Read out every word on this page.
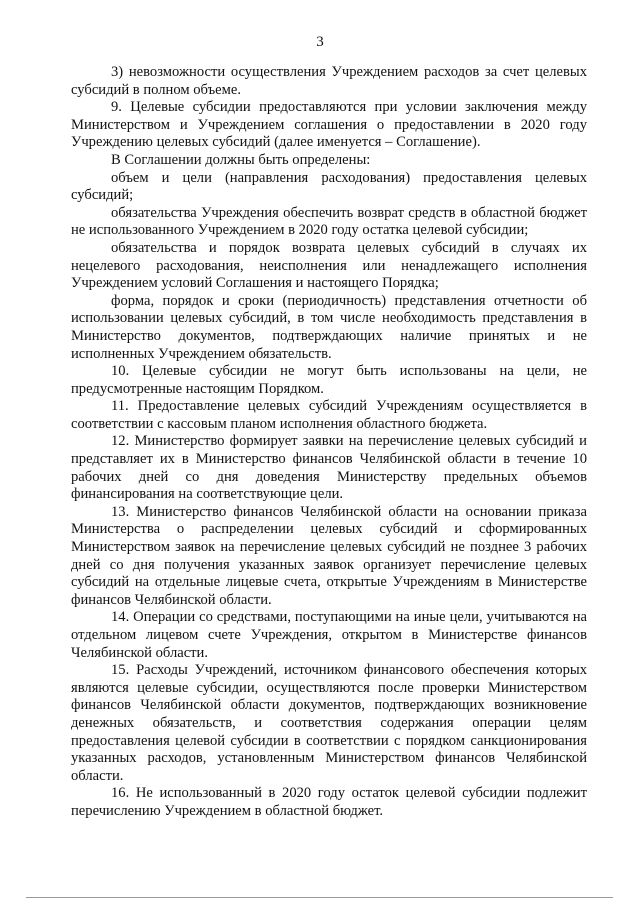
3

3) невозможности осуществления Учреждением расходов за счет целевых субсидий в полном объеме.

9. Целевые субсидии предоставляются при условии заключения между Министерством и Учреждением соглашения о предоставлении в 2020 году Учреждению целевых субсидий (далее именуется – Соглашение).

В Соглашении должны быть определены:

объем и цели (направления расходования) предоставления целевых субсидий;

обязательства Учреждения обеспечить возврат средств в областной бюджет не использованного Учреждением в 2020 году остатка целевой субсидии;

обязательства и порядок возврата целевых субсидий в случаях их нецелевого расходования, неисполнения или ненадлежащего исполнения Учреждением условий Соглашения и настоящего Порядка;

форма, порядок и сроки (периодичность) представления отчетности об использовании целевых субсидий, в том числе необходимость представления в Министерство документов, подтверждающих наличие принятых и не исполненных Учреждением обязательств.

10. Целевые субсидии не могут быть использованы на цели, не предусмотренные настоящим Порядком.

11. Предоставление целевых субсидий Учреждениям осуществляется в соответствии с кассовым планом исполнения областного бюджета.

12. Министерство формирует заявки на перечисление целевых субсидий и представляет их в Министерство финансов Челябинской области в течение 10 рабочих дней со дня доведения Министерству предельных объемов финансирования на соответствующие цели.

13. Министерство финансов Челябинской области на основании приказа Министерства о распределении целевых субсидий и сформированных Министерством заявок на перечисление целевых субсидий не позднее 3 рабочих дней со дня получения указанных заявок организует перечисление целевых субсидий на отдельные лицевые счета, открытые Учреждениям в Министерстве финансов Челябинской области.

14. Операции со средствами, поступающими на иные цели, учитываются на отдельном лицевом счете Учреждения, открытом в Министерстве финансов Челябинской области.

15. Расходы Учреждений, источником финансового обеспечения которых являются целевые субсидии, осуществляются после проверки Министерством финансов Челябинской области документов, подтверждающих возникновение денежных обязательств, и соответствия содержания операции целям предоставления целевой субсидии в соответствии с порядком санкционирования указанных расходов, установленным Министерством финансов Челябинской области.

16. Не использованный в 2020 году остаток целевой субсидии подлежит перечислению Учреждением в областной бюджет.
